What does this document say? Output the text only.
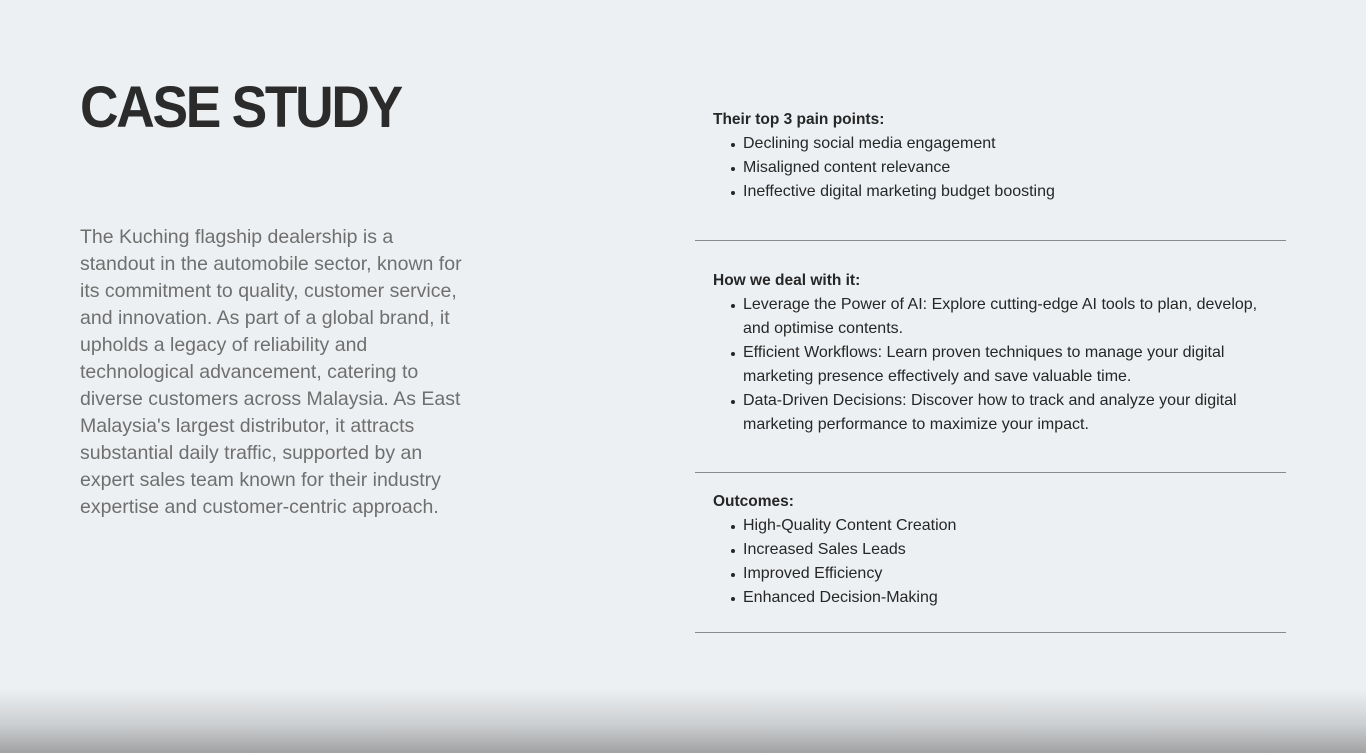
CASE STUDY

The Kuching flagship dealership is a standout in the automobile sector, known for its commitment to quality, customer service, and innovation. As part of a global brand, it upholds a legacy of reliability and technological advancement, catering to diverse customers across Malaysia. As East Malaysia's largest distributor, it attracts substantial daily traffic, supported by an expert sales team known for their industry expertise and customer-centric approach.

Their top 3 pain points:
Declining social media engagement
Misaligned content relevance
Ineffective digital marketing budget boosting
How we deal with it:
Leverage the Power of AI: Explore cutting-edge AI tools to plan, develop, and optimise contents.
Efficient Workflows: Learn proven techniques to manage your digital marketing presence effectively and save valuable time.
Data-Driven Decisions: Discover how to track and analyze your digital marketing performance to maximize your impact.
Outcomes:
High-Quality Content Creation
Increased Sales Leads
Improved Efficiency
Enhanced Decision-Making
